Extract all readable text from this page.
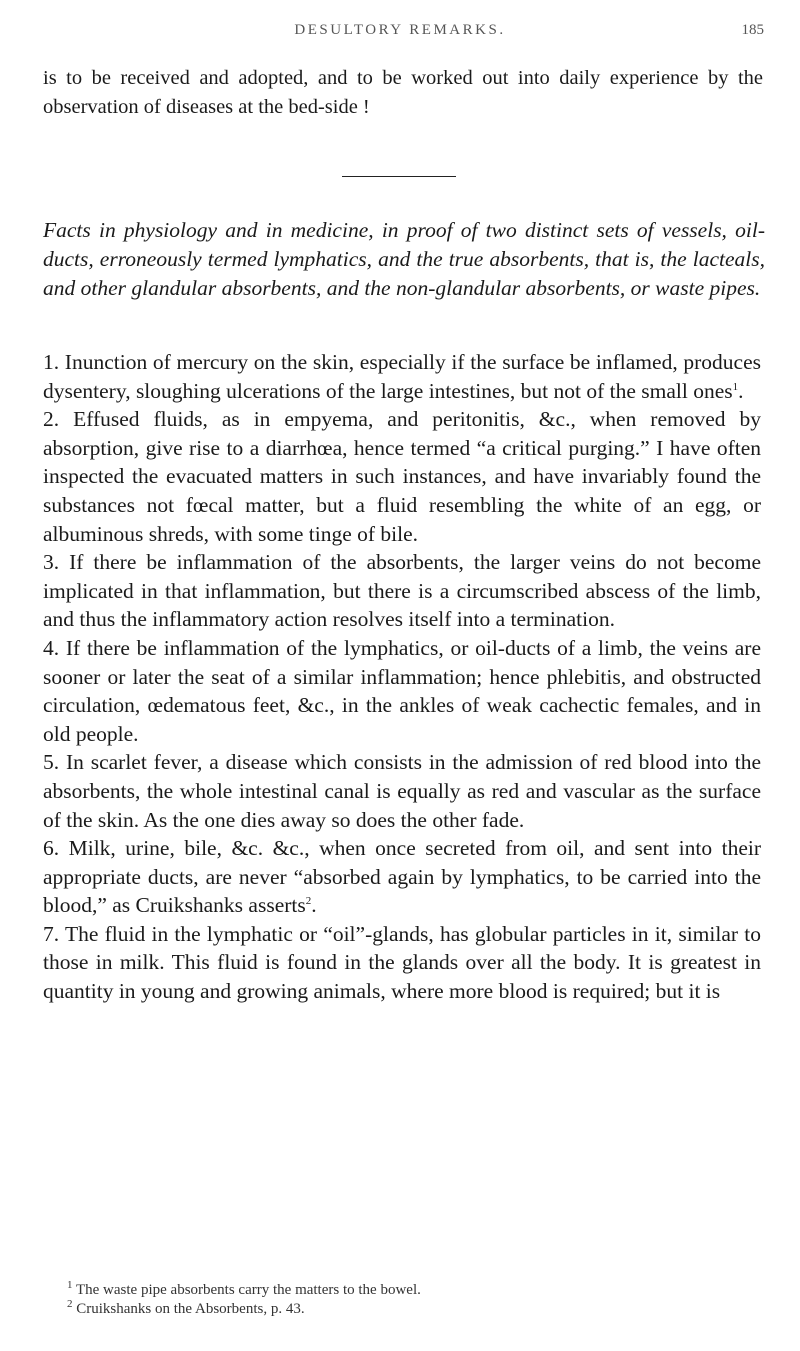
DESULTORY REMARKS.	185
is to be received and adopted, and to be worked out into daily experience by the observation of diseases at the bed-side !
Facts in physiology and in medicine, in proof of two distinct sets of vessels, oil-ducts, erroneously termed lymphatics, and the true absorbents, that is, the lacteals, and other glandular absorbents, and the non-glandular absorbents, or waste pipes.

1. Inunction of mercury on the skin, especially if the surface be inflamed, produces dysentery, sloughing ulcerations of the large intestines, but not of the small ones$^1$.

2. Effused fluids, as in empyema, and peritonitis, &c., when removed by absorption, give rise to a diarrhœa, hence termed “a critical purging.” I have often inspected the evacuated matters in such instances, and have invariably found the substances not fœcal matter, but a fluid resembling the white of an egg, or albuminous shreds, with some tinge of bile.

3. If there be inflammation of the absorbents, the larger veins do not become implicated in that inflammation, but there is a circumscribed abscess of the limb, and thus the inflammatory action resolves itself into a termination.

4. If there be inflammation of the lymphatics, or oil-ducts of a limb, the veins are sooner or later the seat of a similar inflammation; hence phlebitis, and obstructed circulation, œdematous feet, &c., in the ankles of weak cachectic females, and in old people.

5. In scarlet fever, a disease which consists in the admission of red blood into the absorbents, the whole intestinal canal is equally as red and vascular as the surface of the skin. As the one dies away so does the other fade.

6. Milk, urine, bile, &c. &c., when once secreted from oil, and sent into their appropriate ducts, are never “absorbed again by lymphatics, to be carried into the blood,” as Cruikshanks asserts$^2$.

7. The fluid in the lymphatic or “oil”-glands, has globular particles in it, similar to those in milk. This fluid is found in the glands over all the body. It is greatest in quantity in young and growing animals, where more blood is required; but it is

$^1$ The waste pipe absorbents carry the matters to the bowel.
$^2$ Cruikshanks on the Absorbents, p. 43.
